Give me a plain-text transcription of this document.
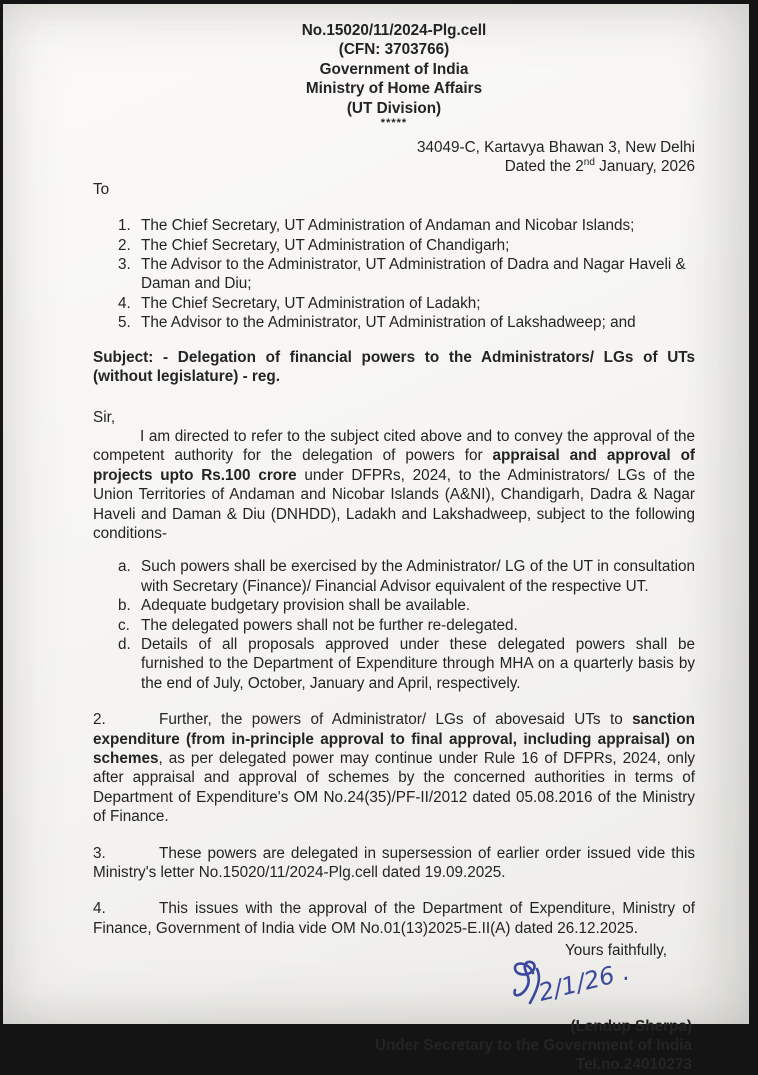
No.15020/11/2024-Plg.cell
(CFN: 3703766)
Government of India
Ministry of Home Affairs
(UT Division)
*****
34049-C, Kartavya Bhawan 3, New Delhi
Dated the 2nd January, 2026
To
1. The Chief Secretary, UT Administration of Andaman and Nicobar Islands;
2. The Chief Secretary, UT Administration of Chandigarh;
3. The Advisor to the Administrator, UT Administration of Dadra and Nagar Haveli & Daman and Diu;
4. The Chief Secretary, UT Administration of Ladakh;
5. The Advisor to the Administrator, UT Administration of Lakshadweep; and

Subject: - Delegation of financial powers to the Administrators/ LGs of UTs (without legislature) - reg.

Sir,

I am directed to refer to the subject cited above and to convey the approval of the competent authority for the delegation of powers for appraisal and approval of projects upto Rs.100 crore under DFPRs, 2024, to the Administrators/ LGs of the Union Territories of Andaman and Nicobar Islands (A&NI), Chandigarh, Dadra & Nagar Haveli and Daman & Diu (DNHDD), Ladakh and Lakshadweep, subject to the following conditions-

a. Such powers shall be exercised by the Administrator/ LG of the UT in consultation with Secretary (Finance)/ Financial Advisor equivalent of the respective UT.
b. Adequate budgetary provision shall be available.
c. The delegated powers shall not be further re-delegated.
d. Details of all proposals approved under these delegated powers shall be furnished to the Department of Expenditure through MHA on a quarterly basis by the end of July, October, January and April, respectively.

2.	Further, the powers of Administrator/ LGs of abovesaid UTs to sanction expenditure (from in-principle approval to final approval, including appraisal) on schemes, as per delegated power may continue under Rule 16 of DFPRs, 2024, only after appraisal and approval of schemes by the concerned authorities in terms of Department of Expenditure's OM No.24(35)/PF-II/2012 dated 05.08.2016 of the Ministry of Finance.

3.	These powers are delegated in supersession of earlier order issued vide this Ministry's letter No.15020/11/2024-Plg.cell dated 19.09.2025.

4.	This issues with the approval of the Department of Expenditure, Ministry of Finance, Government of India vide OM No.01(13)2025-E.II(A) dated 26.12.2025.

Yours faithfully,
2/1/26 .
(Lendup Sherpa)
Under Secretary to the Government of India
Tel.no.24010273
